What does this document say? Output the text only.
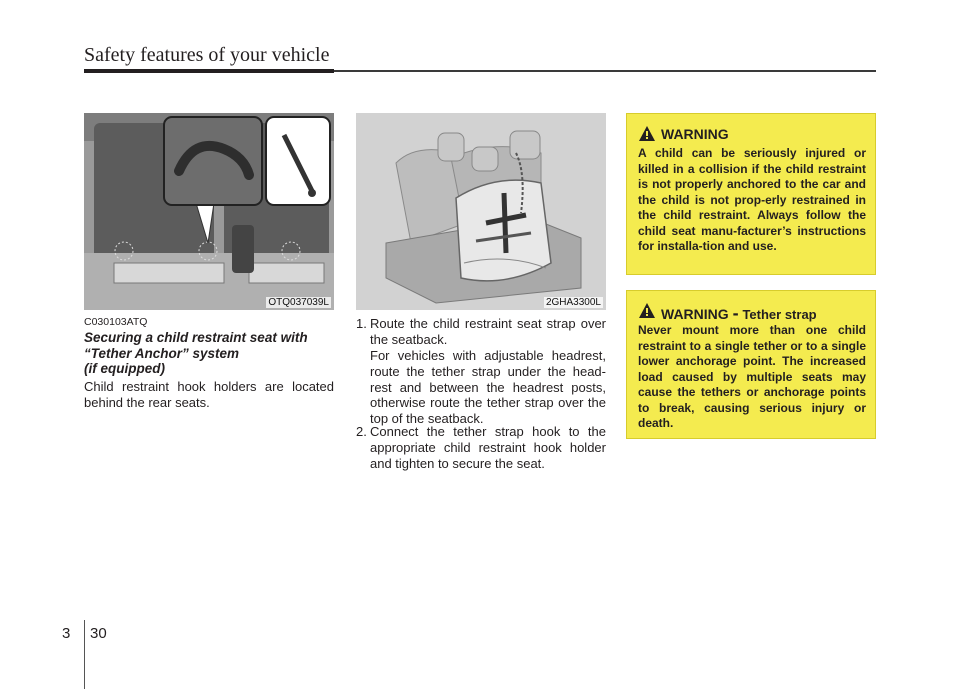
Safety features of your vehicle
OTQ037039L	2GHA3300L
C030103ATQ
Securing a child restraint seat with
“Tether Anchor” system
(if equipped)
Child restraint hook holders are located behind the rear seats.
1. Route the child restraint seat strap over the seatback.
For vehicles with adjustable headrest, route the tether strap under the head-rest and between the headrest posts, otherwise route the tether strap over the top of the seatback.
2. Connect the tether strap hook to the appropriate child restraint hook holder and tighten to secure the seat.
WARNING
A child can be seriously injured or killed in a collision if the child restraint is not properly anchored to the car and the child is not prop-erly restrained in the child restraint. Always follow the child seat manu-facturer’s instructions for installa-tion and use.
WARNING - Tether strap
Never mount more than one child restraint to a single tether or to a single lower anchorage point. The increased load caused by multiple seats may cause the tethers or anchorage points to break, causing serious injury or death.
3 30
